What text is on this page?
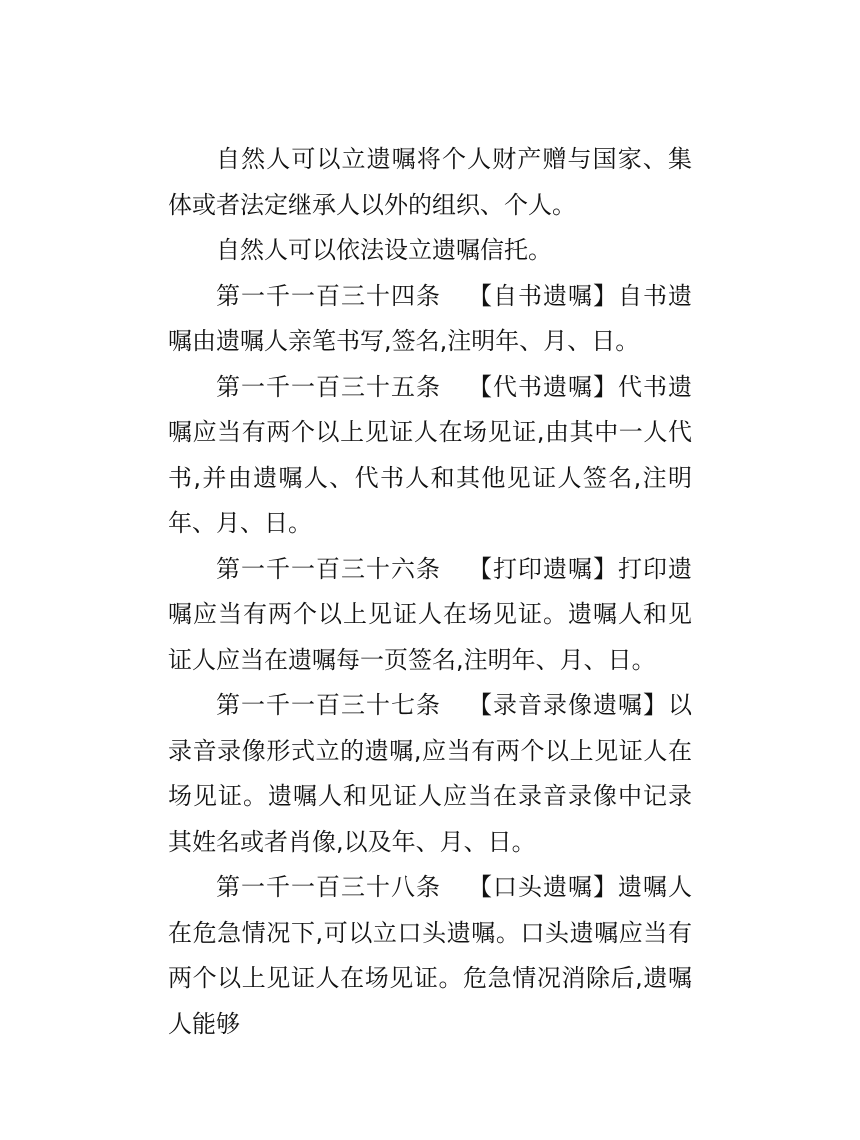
自然人可以立遗嘱将个人财产赠与国家、集体或者法定继承人以外的组织、个人。

自然人可以依法设立遗嘱信托。

第一千一百三十四条 【自书遗嘱】自书遗嘱由遗嘱人亲笔书写,签名,注明年、月、日。

第一千一百三十五条 【代书遗嘱】代书遗嘱应当有两个以上见证人在场见证,由其中一人代书,并由遗嘱人、代书人和其他见证人签名,注明年、月、日。

第一千一百三十六条 【打印遗嘱】打印遗嘱应当有两个以上见证人在场见证。遗嘱人和见证人应当在遗嘱每一页签名,注明年、月、日。

第一千一百三十七条 【录音录像遗嘱】以录音录像形式立的遗嘱,应当有两个以上见证人在场见证。遗嘱人和见证人应当在录音录像中记录其姓名或者肖像,以及年、月、日。

第一千一百三十八条 【口头遗嘱】遗嘱人在危急情况下,可以立口头遗嘱。口头遗嘱应当有两个以上见证人在场见证。危急情况消除后,遗嘱人能够
